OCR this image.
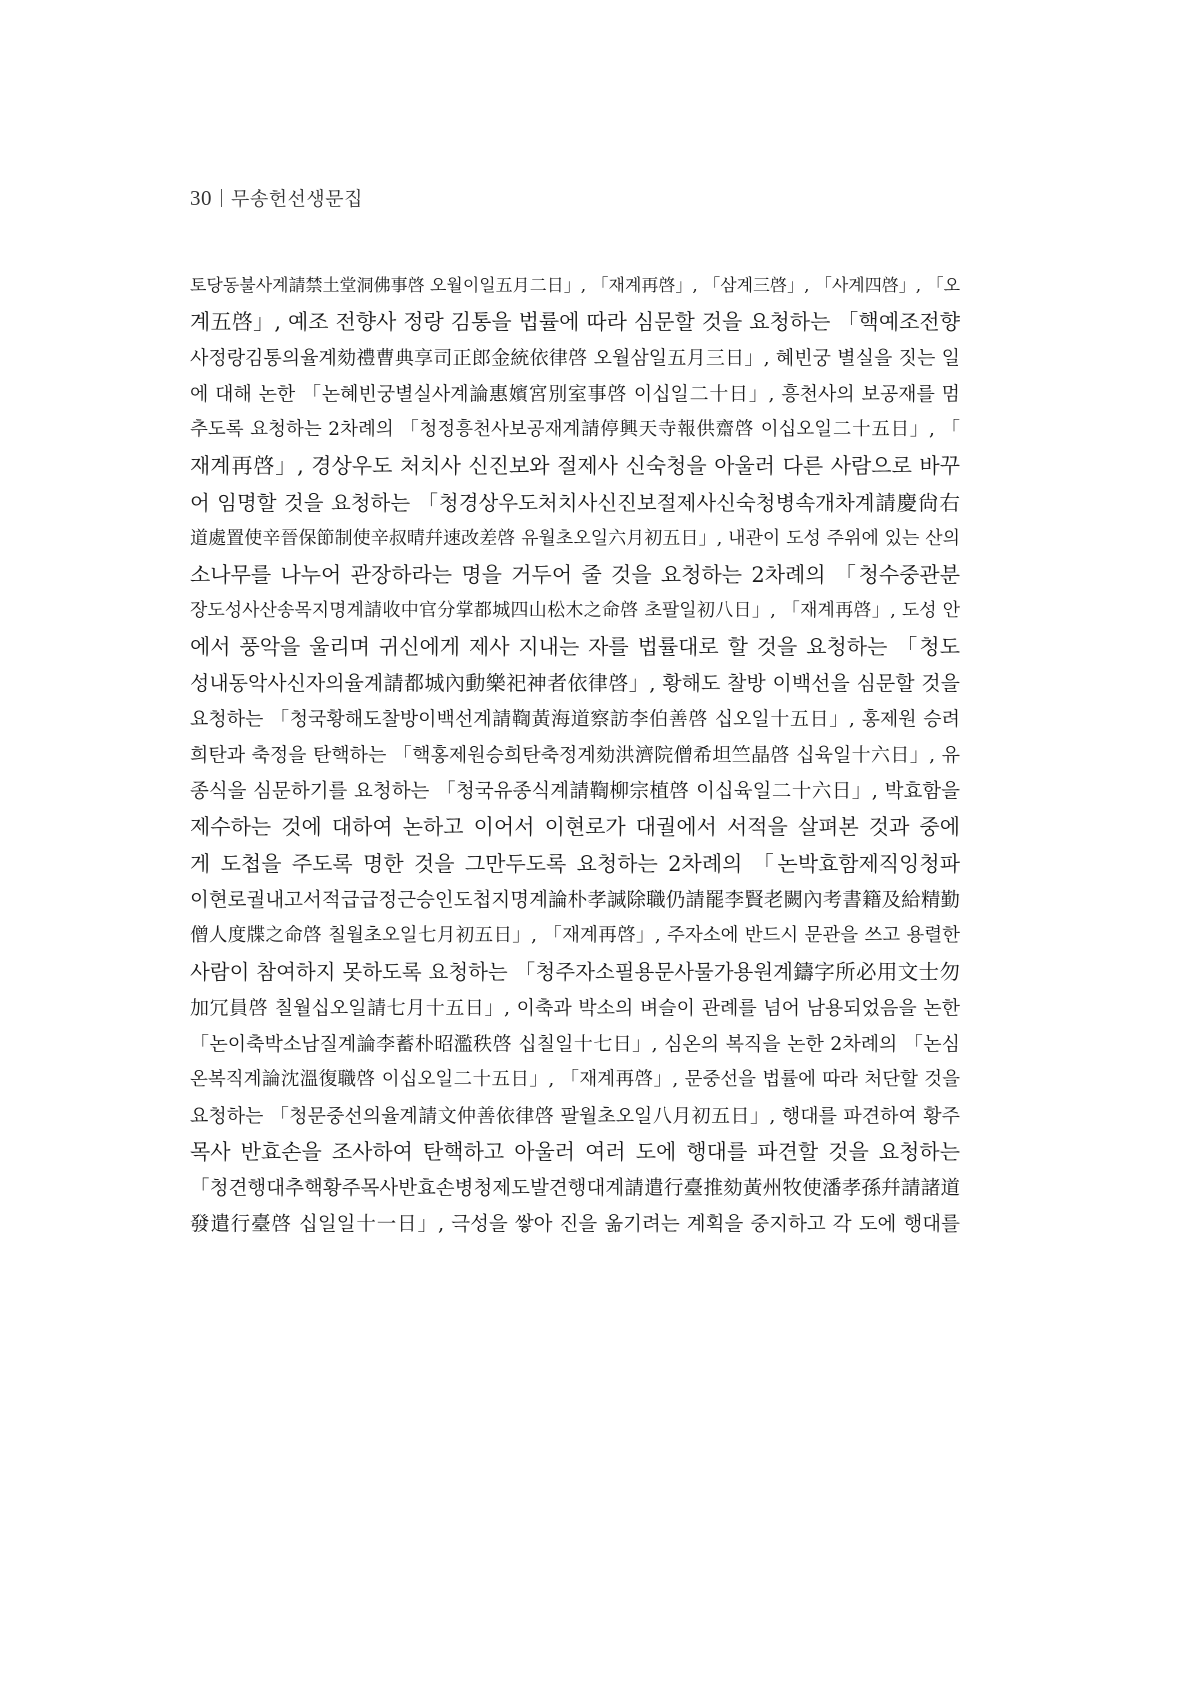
30 무송헌선생문집
토당동불사계請禁土堂洞佛事啓 오월이일五月二日」, 「재계再啓」, 「삼계三啓」, 「사계四啓」, 「오
계五啓」, 예조 전향사 정랑 김통을 법률에 따라 심문할 것을 요청하는 「핵예조전향
사정랑김통의율계劾禮曹典享司正郎金統依律啓 오월삼일五月三日」, 혜빈궁 별실을 짓는 일
에 대해 논한 「논혜빈궁별실사계論惠嬪宮別室事啓 이십일二十日」, 흥천사의 보공재를 멈
추도록 요청하는 2차례의 「청정흥천사보공재계請停興天寺報供齋啓 이십오일二十五日」, 「
재계再啓」, 경상우도 처치사 신진보와 절제사 신숙청을 아울러 다른 사람으로 바꾸
어 임명할 것을 요청하는 「청경상우도처치사신진보절제사신숙청병속개차계請慶尙右
道處置使辛晉保節制使辛叔晴幷速改差啓 유월초오일六月初五日」, 내관이 도성 주위에 있는 산의
소나무를 나누어 관장하라는 명을 거두어 줄 것을 요청하는 2차례의 「청수중관분
장도성사산송목지명계請收中官分掌都城四山松木之命啓 초팔일初八日」, 「재계再啓」, 도성 안
에서 풍악을 울리며 귀신에게 제사 지내는 자를 법률대로 할 것을 요청하는 「청도
성내동악사신자의율계請都城內動樂祀神者依律啓」, 황해도 찰방 이백선을 심문할 것을
요청하는 「청국황해도찰방이백선계請鞫黃海道察訪李伯善啓 십오일十五日」, 홍제원 승려
희탄과 축정을 탄핵하는 「핵홍제원승희탄축정계劾洪濟院僧希坦竺晶啓 십육일十六日」, 유
종식을 심문하기를 요청하는 「청국유종식계請鞫柳宗植啓 이십육일二十六日」, 박효함을
제수하는 것에 대하여 논하고 이어서 이현로가 대궐에서 서적을 살펴본 것과 중에
게 도첩을 주도록 명한 것을 그만두도록 요청하는 2차례의 「논박효함제직잉청파
이현로궐내고서적급급정근승인도첩지명계論朴孝諴除職仍請罷李賢老闕內考書籍及給精勤
僧人度牒之命啓 칠월초오일七月初五日」, 「재계再啓」, 주자소에 반드시 문관을 쓰고 용렬한
사람이 참여하지 못하도록 요청하는 「청주자소필용문사물가용원계鑄字所必用文士勿
加冗員啓 칠월십오일請七月十五日」, 이축과 박소의 벼슬이 관례를 넘어 남용되었음을 논한
「논이축박소남질계論李蓄朴昭濫秩啓 십칠일十七日」, 심온의 복직을 논한 2차례의 「논심
온복직계論沈溫復職啓 이십오일二十五日」, 「재계再啓」, 문중선을 법률에 따라 처단할 것을
요청하는 「청문중선의율계請文仲善依律啓 팔월초오일八月初五日」, 행대를 파견하여 황주
목사 반효손을 조사하여 탄핵하고 아울러 여러 도에 행대를 파견할 것을 요청하는
「청견행대추핵황주목사반효손병청제도발견행대계請遣行臺推劾黃州牧使潘孝孫幷請諸道
發遣行臺啓 십일일十一日」, 극성을 쌓아 진을 옮기려는 계획을 중지하고 각 도에 행대를
